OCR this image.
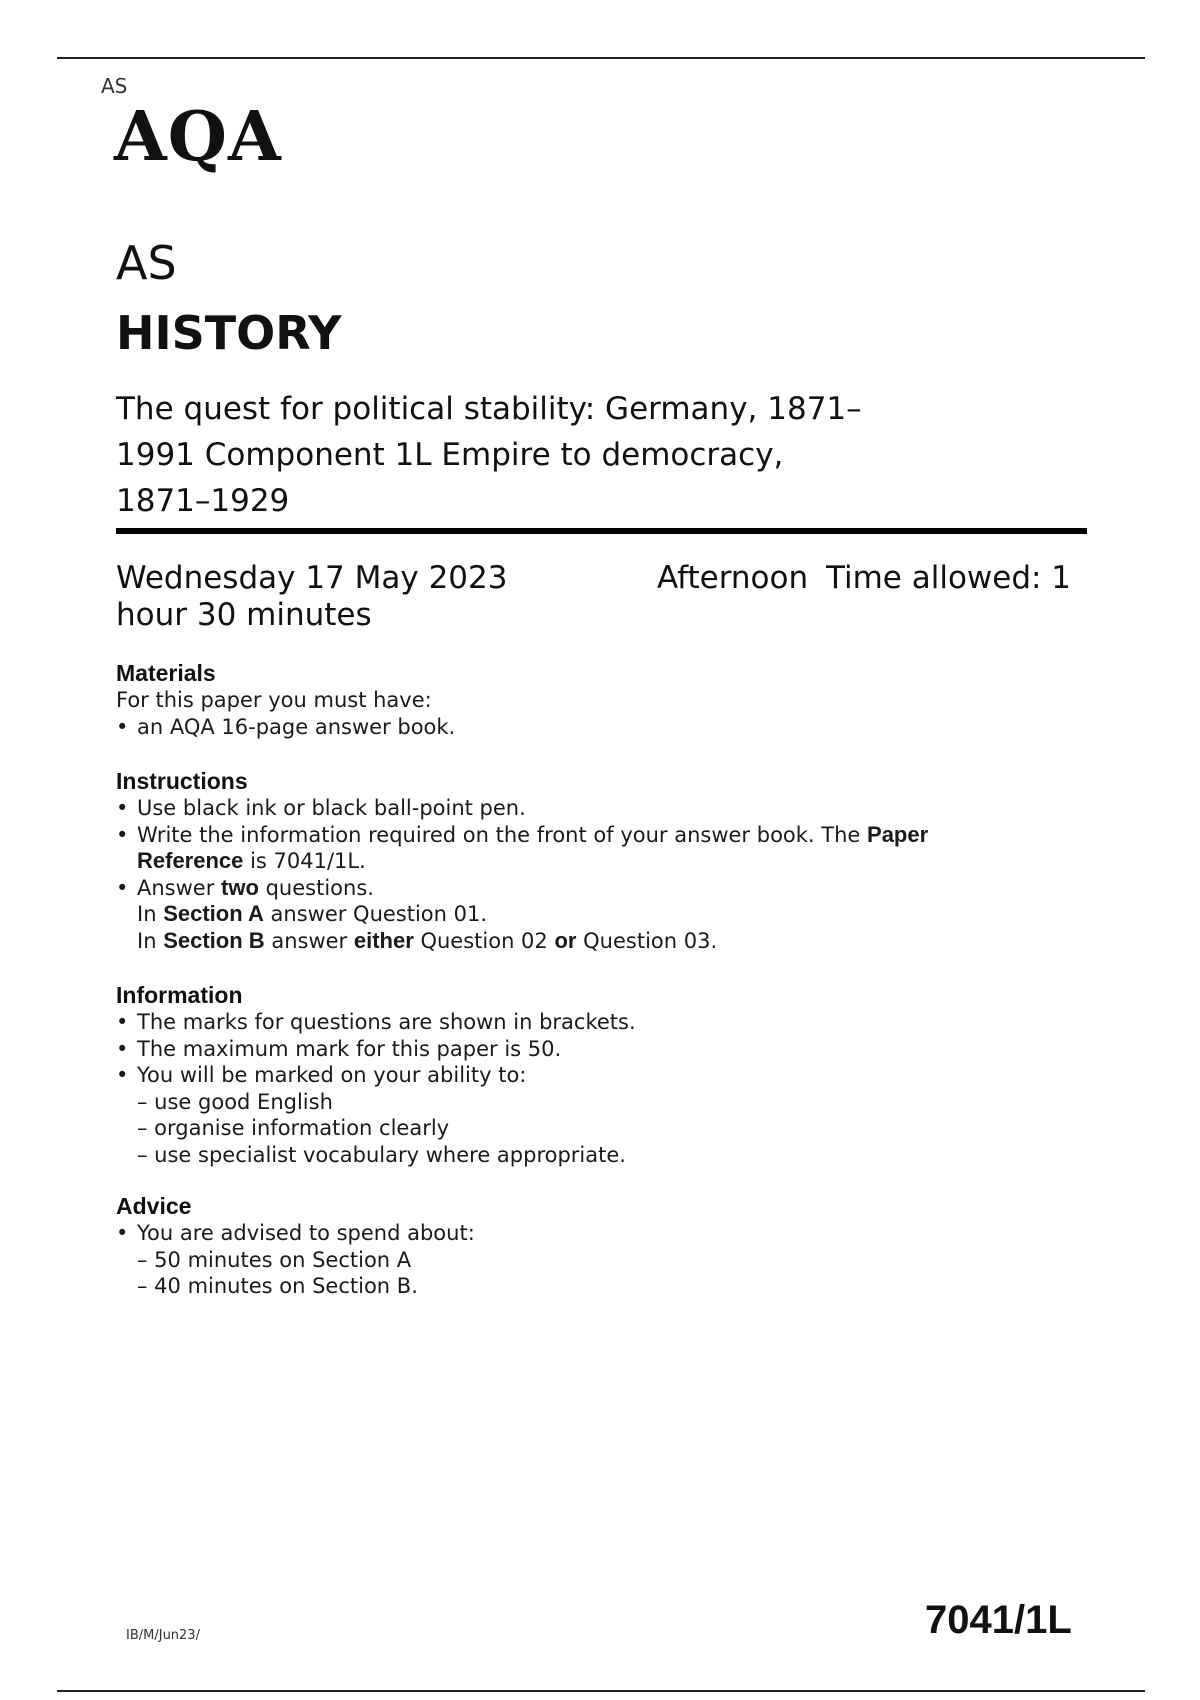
AS
AQA
AS
HISTORY
The quest for political stability: Germany, 1871–
1991 Component 1L Empire to democracy,
1871–1929
Wednesday 17 May 2023	Afternoon Time allowed: 1
hour 30 minutes
Materials
For this paper you must have:
• an AQA 16-page answer book.
Instructions
• Use black ink or black ball-point pen.
• Write the information required on the front of your answer book. The Paper
Reference is 7041/1L.
• Answer two questions.
In Section A answer Question 01.
In Section B answer either Question 02 or Question 03.
Information
• The marks for questions are shown in brackets.
• The maximum mark for this paper is 50.
• You will be marked on your ability to:
– use good English
– organise information clearly
– use specialist vocabulary where appropriate.
Advice
• You are advised to spend about:
– 50 minutes on Section A
– 40 minutes on Section B.
IB/M/Jun23/	7041/1L
